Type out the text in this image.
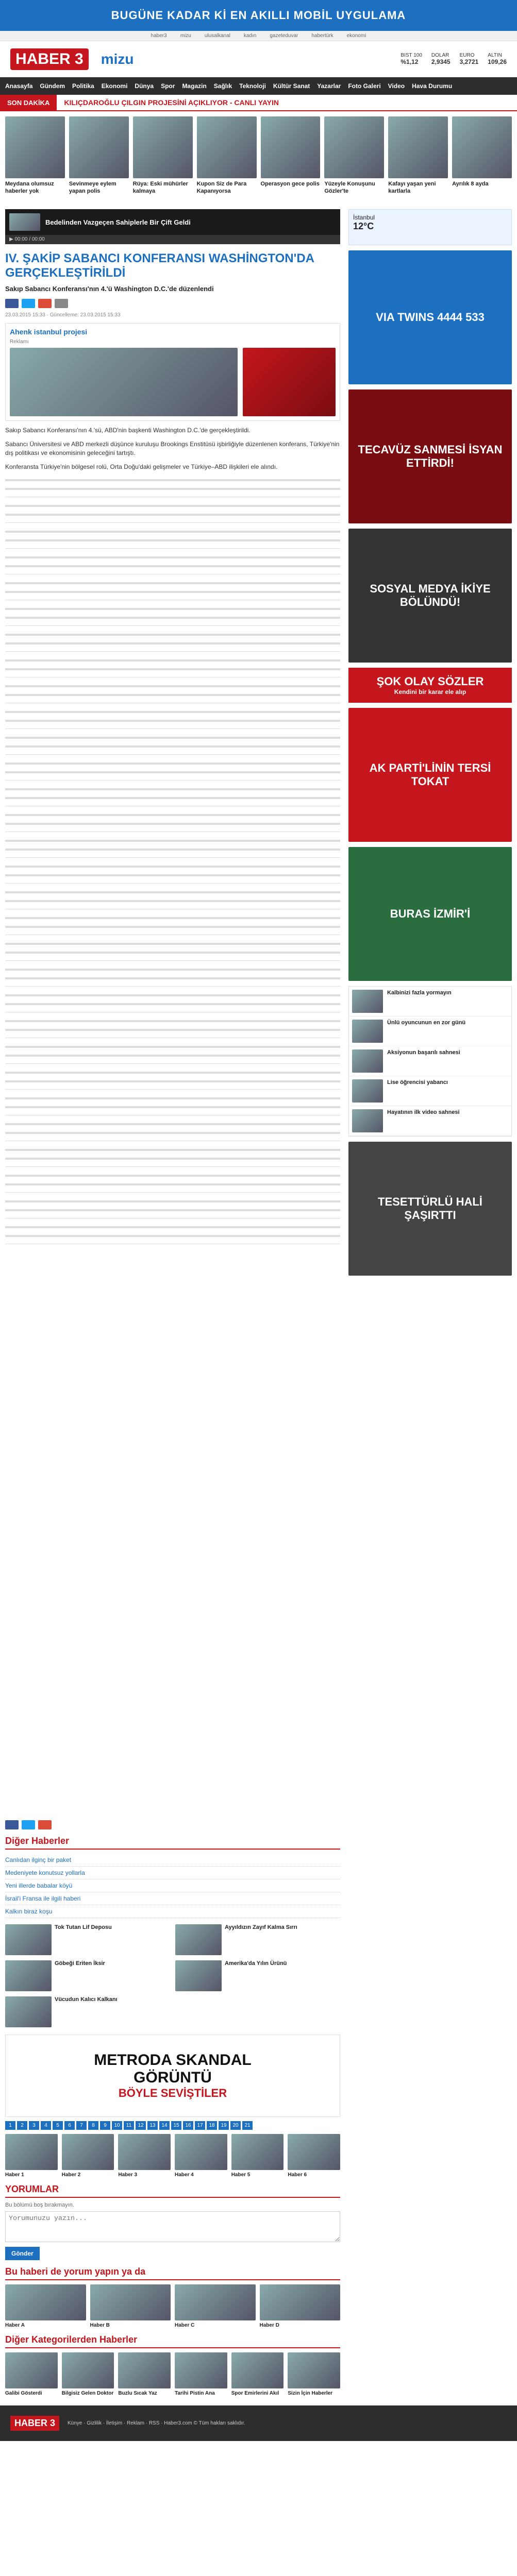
BUGÜNE KADAR Kİ EN AKILLI MOBİL UYGULAMA
haber3	mizu	ulusalkanal	kadın	gazeteduvar	habertürk	ekonomi
HABER 3	mizu	BIST 100
%1,12
DOLAR
2,9345
EURO
3,2721
ALTIN
109,26
Anasayfa Gündem Politika Ekonomi Dünya Spor Magazin Sağlık Teknoloji Kültür Sanat Yazarlar Foto Galeri Video Hava Durumu
SON DAKİKA	KILIÇDAROĞLU ÇILGIN PROJESİNİ AÇIKLIYOR - CANLI YAYIN
Meydana olumsuz haberler yok
Sevinmeye eylem yapan polis
Rüya: Eski mühürler kalmaya
Kupon Siz de Para Kapanıyorsa
Operasyon gece polis Yüzeyle Konuşunu Gözler'te
Kafayı yaşan yeni kartlarla
Ayrılık 8 ayda
Bedelinden Vazgeçen Sahiplerle Bir Çift Geldi
▶ 00:00 / 00:00
IV. ŞAKİP SABANCI KONFERANSI WASHİNGTON'DA GERÇEKLEŞTİRİLDİ

Sakıp Sabancı Konferansı'nın 4.'ü Washington D.C.'de düzenlendi

23.03.2015 15:33 · Güncelleme: 23.03.2015 15:33
Ahenk istanbul projesi
Reklamı

Sakıp Sabancı Konferansı'nın 4.'sü, ABD'nin başkenti Washington D.C.'de gerçekleştirildi.

Sabancı Üniversitesi ve ABD merkezli düşünce kuruluşu Brookings Enstitüsü işbirliğiyle düzenlenen konferans, Türkiye'nin dış politikası ve ekonomisinin geleceğini tartıştı.

Konferansta Türkiye'nin bölgesel rolü, Orta Doğu'daki gelişmeler ve Türkiye–ABD ilişkileri ele alındı.

Diğer Haberler
Canlıdan ilginç bir paket
Medeniyete konutsuz yollarla
Yeni illerde babalar köyü
İsrail'i Fransa ile ilgili haberi
Kalkın biraz koşu
Tok Tutan Lif Deposu	Ayyıldızın Zayıf Kalma Sırrı
Göbeği Eriten İksir	Amerika'da Yılın Ürünü
Vücudun Kalıcı Kalkanı
METRODA SKANDAL
GÖRÜNTÜ
BÖYLE SEVİŞTİLER
1	2	3	4	5	6	7	8	9	10	11	12	13	14	15	16	17	18	19	20	21
Haber 1	Haber 2	Haber 3	Haber 4	Haber 5	Haber 6
YORUMLAR
Bu bölümü boş bırakmayın.
Yorumunuzu yazın... Gönder
Bu haberi de yorum yapın ya da
Haber A	Haber B	Haber C	Haber D
Diğer Kategorilerden Haberler
Galibi Gösterdi	Bilgisiz Gelen Doktor Buzlu Sıcak Yaz	Tarihi Pistin Ana	Spor Emirlerini Akıl	Sizin İçin Haberler
İstanbul
12°C
VIA TWINS 4444 533
TECAVÜZ SANMESİ İSYAN ETTİRDİ!
SOSYAL MEDYA İKİYE BÖLÜNDÜ!
ŞOK OLAY SÖZLER
Kendini bir karar ele alıp
AK PARTİ'LİNİN TERSİ TOKAT
BURAS İZMİR'İ
Kalbinizi fazla yormayın
Ünlü oyuncunun en zor günü
Aksiyonun başarılı sahnesi
Lise öğrencisi yabancı
Hayatının ilk video sahnesi
TESETTÜRLÜ HALİ ŞAŞIRTTI
HABER 3	Künye · Gizlilik · İletişim · Reklam · RSS · Haber3.com © Tüm hakları saklıdır.
